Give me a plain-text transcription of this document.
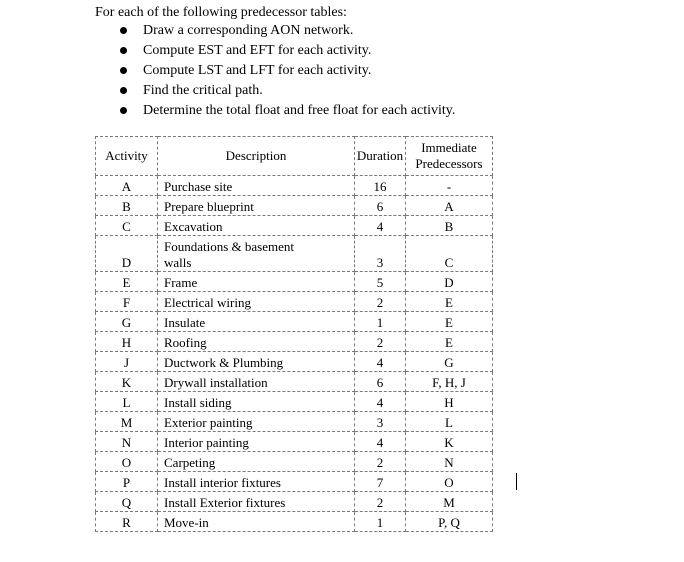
For each of the following predecessor tables:
Draw a corresponding AON network.
Compute EST and EFT for each activity.
Compute LST and LFT for each activity.
Find the critical path.
Determine the total float and free float for each activity.
Activity	Description	Duration	Immediate
Predecessors
A	Purchase site	16	-
B	Prepare blueprint	6	A
C	Excavation	4	B
D	Foundations & basement
walls	3	C
E	Frame	5	D
F	Electrical wiring	2	E
G	Insulate	1	E
H	Roofing	2	E
J	Ductwork & Plumbing	4	G
K	Drywall installation	6	F, H, J
L	Install siding	4	H
M	Exterior painting	3	L
N	Interior painting	4	K
O	Carpeting	2	N
P	Install interior fixtures	7	O
Q	Install Exterior fixtures	2	M
R	Move-in	1	P, Q
